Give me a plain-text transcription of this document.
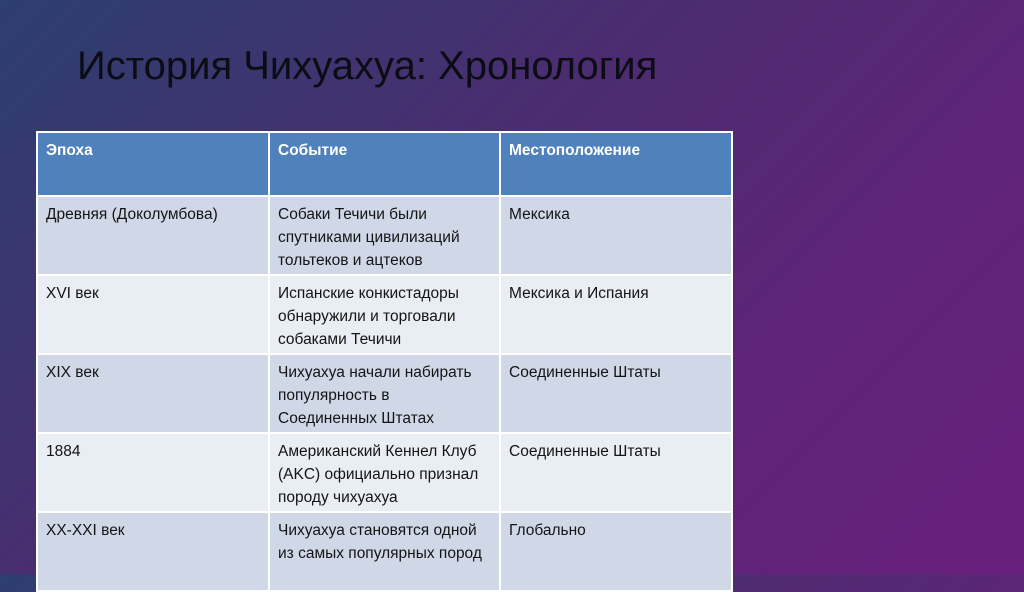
История Чихуахуа: Хронология
Эпоха	Событие	Местоположение
Древняя (Доколумбова)	Собаки Течичи были спутниками цивилизаций тольтеков и ацтеков	Мексика
XVI век	Испанские конкистадоры обнаружили и торговали собаками Течичи	Мексика и Испания
XIX век	Чихуахуа начали набирать популярность в Соединенных Штатах	Соединенные Штаты
1884	Американский Кеннел Клуб (AKC) официально признал породу чихуахуа	Соединенные Штаты
XX-XXI век	Чихуахуа становятся одной из самых популярных пород	Глобально
